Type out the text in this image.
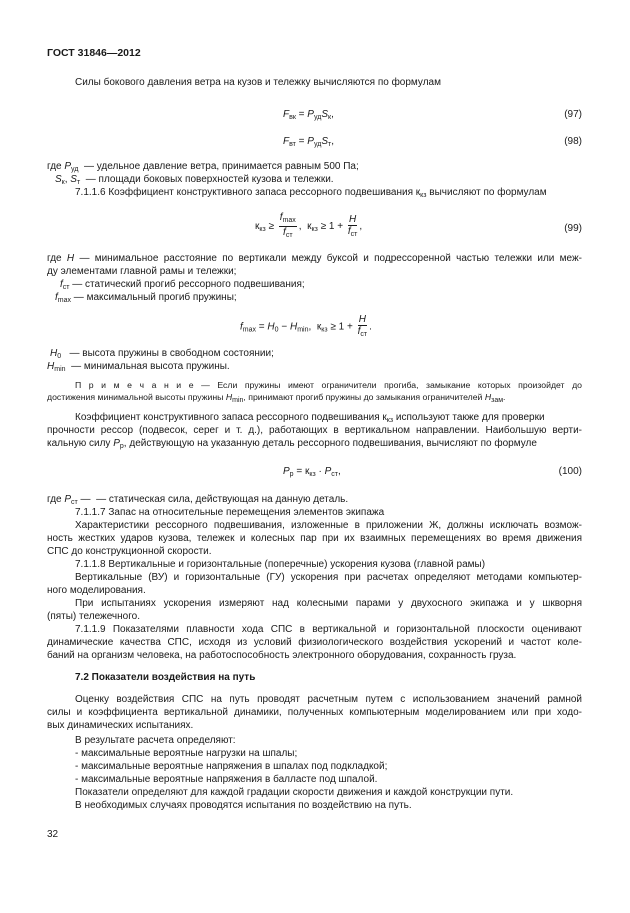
ГОСТ 31846—2012
Силы бокового давления ветра на кузов и тележку вычисляются по формулам
$F_{вк} = P_{уд}S_к$,	(97)
$F_{вт} = P_{уд}S_т$,	(98)
где $P_{уд}$ — удельное давление ветра, принимается равным 500 Па;
$S_к$, $S_т$ — площади боковых поверхностей кузова и тележки.
7.1.1.6 Коэффициент конструктивного запаса рессорного подвешивания $к_{кз}$ вычисляют по формулам
$к_{кз} \ge \frac{f_{max}}{f_{ст}}$ ,  $к_{кз} \ge 1 + \frac{H}{f_{ст}}$ ,	(99)
где H — минимальное расстояние по вертикали между буксой и подрессоренной частью тележки или меж-
ду элементами главной рамы и тележки;
$f_{ст}$ — статический прогиб рессорного подвешивания;
$f_{max}$ — максимальный прогиб пружины;
$f_{max} = H_0 - H_{min}$,  $к_{кз} \ge 1 + \frac{H}{f_{ст}}$ .
$H_0$ — высота пружины в свободном состоянии;
$H_{min}$ — минимальная высота пружины.
П р и м е ч а н и е — Если пружины имеют ограничители прогиба, замыкание которых произойдет до
достижения минимальной высоты пружины $H_{min}$, принимают прогиб пружины до замыкания ограничителей $H_{зам}$.
Коэффициент конструктивного запаса рессорного подвешивания $к_{кз}$ используют также для проверки
прочности рессор (подвесок, серег и т. д.), работающих в вертикальном направлении. Наибольшую верти-
кальную силу $P_р$, действующую на указанную деталь рессорного подвешивания, вычисляют по формуле
$P_р = к_{кз} \cdot P_{ст}$,	(100)
где $P_{ст}$ —  — статическая сила, действующая на данную деталь.
7.1.1.7 Запас на относительные перемещения элементов экипажа
Характеристики рессорного подвешивания, изложенные в приложении Ж, должны исключать возмож-
ность жестких ударов кузова, тележек и колесных пар при их взаимных перемещениях во время движения
СПС до конструкционной скорости.
7.1.1.8 Вертикальные и горизонтальные (поперечные) ускорения кузова (главной рамы)
Вертикальные (ВУ) и горизонтальные (ГУ) ускорения при расчетах определяют методами компьютер-
ного моделирования.
При испытаниях ускорения измеряют над колесными парами у двухосного экипажа и у шкворня
(пяты) тележечного.
7.1.1.9 Показателями плавности хода СПС в вертикальной и горизонтальной плоскости оценивают
динамические качества СПС, исходя из условий физиологического воздействия ускорений и частот коле-
баний на организм человека, на работоспособность электронного оборудования, сохранность груза.
7.2 Показатели воздействия на путь
Оценку воздействия СПС на путь проводят расчетным путем с использованием значений рамной
силы и коэффициента вертикальной динамики, полученных компьютерным моделированием или при ходо-
вых динамических испытаниях.
В результате расчета определяют:
- максимальные вероятные нагрузки на шпалы;
- максимальные вероятные напряжения в шпалах под подкладкой;
- максимальные вероятные напряжения в балласте под шпалой.
Показатели определяют для каждой градации скорости движения и каждой конструкции пути.
В необходимых случаях проводятся испытания по воздействию на путь.
32
